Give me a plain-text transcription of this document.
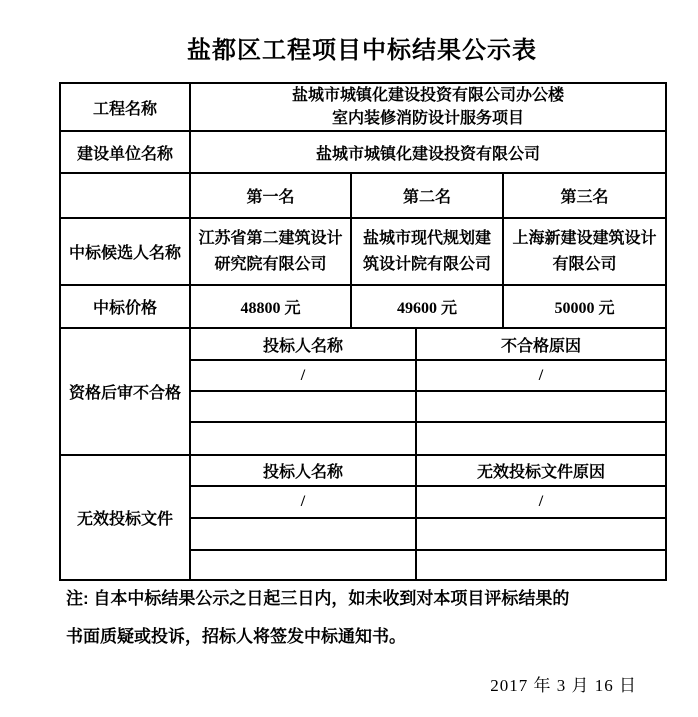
盐都区工程项目中标结果公示表
工程名称	盐城市城镇化建设投资有限公司办公楼
室内装修消防设计服务项目			

建设单位名称	盐城市城镇化建设投资有限公司			
	第一名	第二名		第三名
中标候选人名称	江苏省第二建筑设计研究院有限公司	盐城市现代规划建筑设计院有限公司		上海新建设建筑设计有限公司
中标价格	48800 元	49600 元		50000 元
资格后审不合格	投标人名称		不合格原因	
	/		/	

无效投标文件	投标人名称		无效投标文件原因	
	/		/	

注: 自本中标结果公示之日起三日内，如未收到对本项目评标结果的
书面质疑或投诉，招标人将签发中标通知书。
2017 年 3 月 16 日
